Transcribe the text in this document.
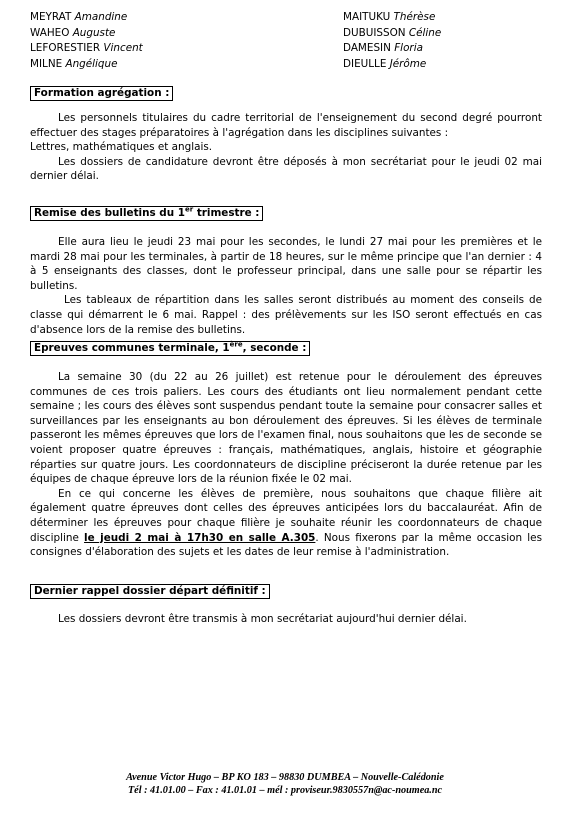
MEYRAT Amandine
WAHEO Auguste
LEFORESTIER Vincent
MILNE Angélique
MAITUKU Thérèse
DUBUISSON Céline
DAMESIN Floria
DIEULLE Jérôme
Formation agrégation :

Les personnels titulaires du cadre territorial de l'enseignement du second degré pourront effectuer des stages préparatoires à l'agrégation dans les disciplines suivantes :

Lettres, mathématiques et anglais.

Les dossiers de candidature devront être déposés à mon secrétariat pour le jeudi 02 mai dernier délai.

Remise des bulletins du 1er trimestre :

Elle aura lieu le jeudi 23 mai pour les secondes, le lundi 27 mai pour les premières et le mardi 28 mai pour les terminales, à partir de 18 heures, sur le même principe que l'an dernier : 4 à 5 enseignants des classes, dont le professeur principal, dans une salle pour se répartir les bulletins.

Les tableaux de répartition dans les salles seront distribués au moment des conseils de classe qui démarrent le 6 mai. Rappel : des prélèvements sur les ISO seront effectués en cas d'absence lors de la remise des bulletins.

Epreuves communes terminale, 1ère, seconde :

La semaine 30 (du 22 au 26 juillet) est retenue pour le déroulement des épreuves communes de ces trois paliers. Les cours des étudiants ont lieu normalement pendant cette semaine ; les cours des élèves sont suspendus pendant toute la semaine pour consacrer salles et surveillances par les enseignants au bon déroulement des épreuves. Si les élèves de terminale passeront les mêmes épreuves que lors de l'examen final, nous souhaitons que les de seconde se voient proposer quatre épreuves : français, mathématiques, anglais, histoire et géographie réparties sur quatre jours. Les coordonnateurs de discipline préciseront la durée retenue par les équipes de chaque épreuve lors de la réunion fixée le 02 mai.

En ce qui concerne les élèves de première, nous souhaitons que chaque filière ait également quatre épreuves dont celles des épreuves anticipées lors du baccalauréat. Afin de déterminer les épreuves pour chaque filière je souhaite réunir les coordonnateurs de chaque discipline le jeudi 2 mai à 17h30 en salle A.305. Nous fixerons par la même occasion les consignes d'élaboration des sujets et les dates de leur remise à l'administration.

Dernier rappel dossier départ définitif :

Les dossiers devront être transmis à mon secrétariat aujourd'hui dernier délai.

Avenue Victor Hugo – BP KO 183 – 98830 DUMBEA – Nouvelle-Calédonie
Tél : 41.01.00 – Fax : 41.01.01 – mél : proviseur.9830557n@ac-noumea.nc
